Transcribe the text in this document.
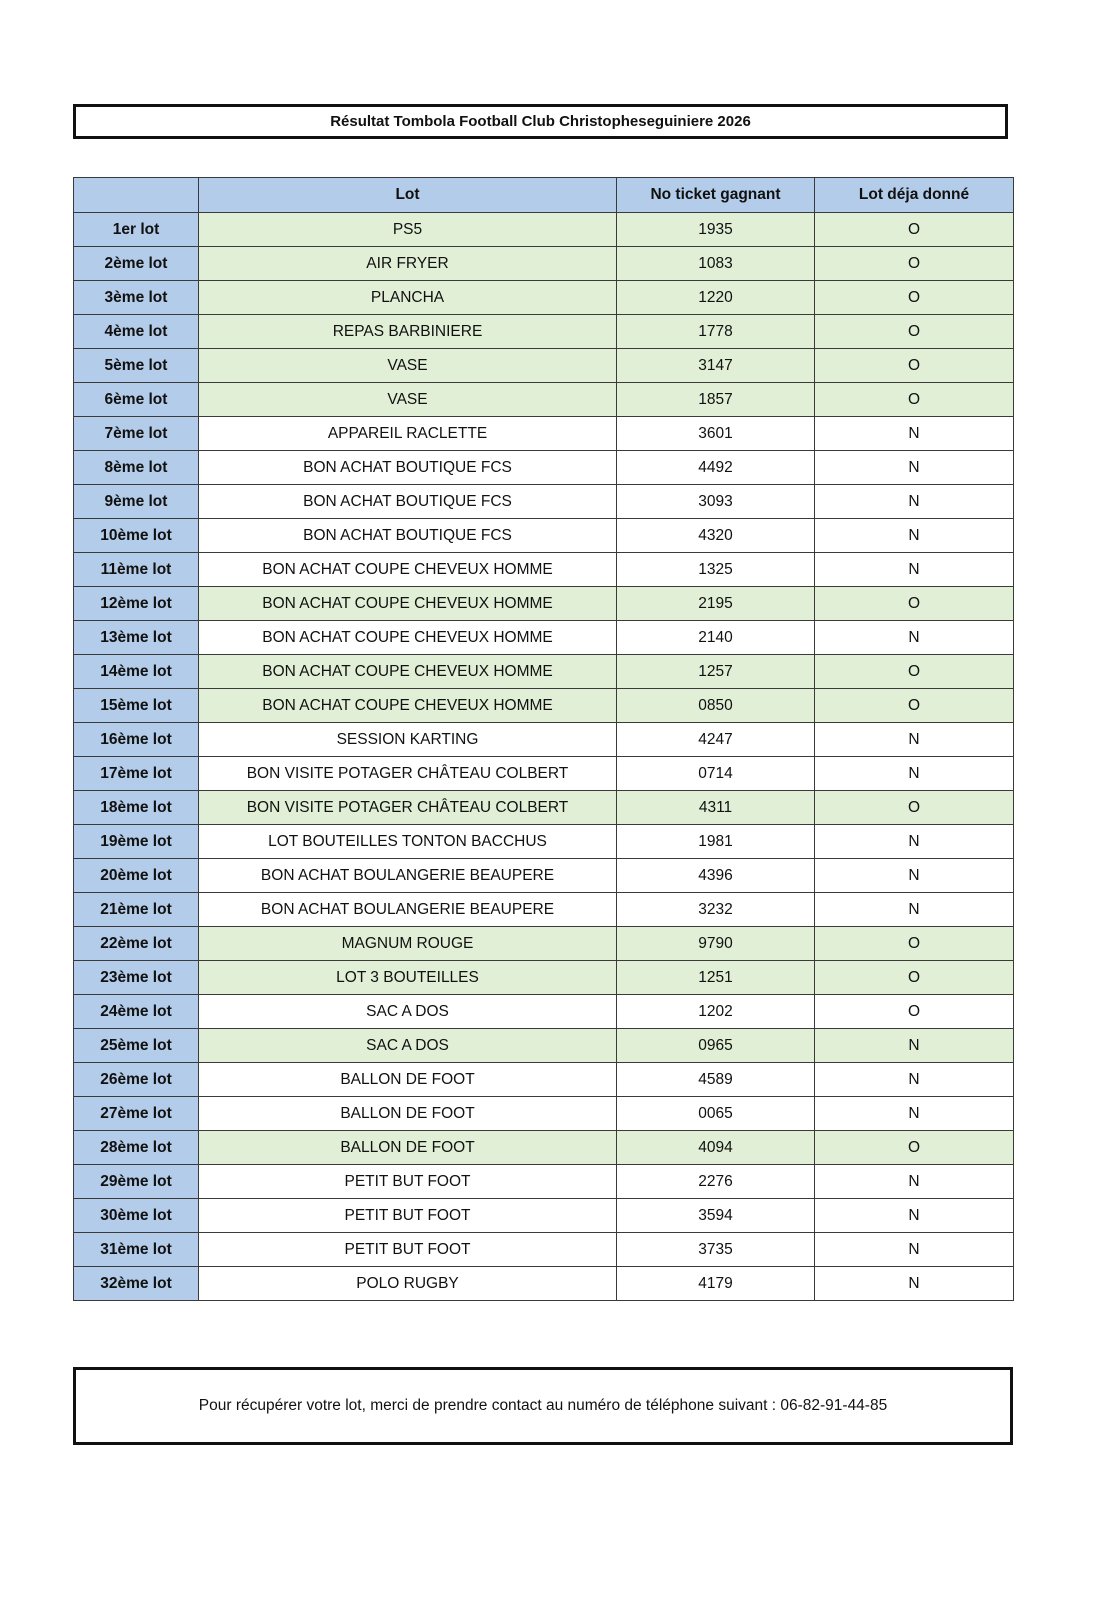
Résultat Tombola Football Club Christopheseguiniere 2026
	Lot	No ticket gagnant	Lot déja donné
1er lot	PS5	1935	O
2ème lot	AIR FRYER	1083	O
3ème lot	PLANCHA	1220	O
4ème lot	REPAS BARBINIERE	1778	O
5ème lot	VASE	3147	O
6ème lot	VASE	1857	O
7ème lot	APPAREIL RACLETTE	3601	N
8ème lot	BON ACHAT BOUTIQUE FCS	4492	N
9ème lot	BON ACHAT BOUTIQUE FCS	3093	N
10ème lot	BON ACHAT BOUTIQUE FCS	4320	N
11ème lot	BON ACHAT COUPE CHEVEUX HOMME	1325	N
12ème lot	BON ACHAT COUPE CHEVEUX HOMME	2195	O
13ème lot	BON ACHAT COUPE CHEVEUX HOMME	2140	N
14ème lot	BON ACHAT COUPE CHEVEUX HOMME	1257	O
15ème lot	BON ACHAT COUPE CHEVEUX HOMME	0850	O
16ème lot	SESSION KARTING	4247	N
17ème lot	BON VISITE POTAGER CHÂTEAU COLBERT	0714	N
18ème lot	BON VISITE POTAGER CHÂTEAU COLBERT	4311	O
19ème lot	LOT BOUTEILLES TONTON BACCHUS	1981	N
20ème lot	BON ACHAT BOULANGERIE BEAUPERE	4396	N
21ème lot	BON ACHAT BOULANGERIE BEAUPERE	3232	N
22ème lot	MAGNUM ROUGE	9790	O
23ème lot	LOT 3 BOUTEILLES	1251	O
24ème lot	SAC A DOS	1202	O
25ème lot	SAC A DOS	0965	N
26ème lot	BALLON DE FOOT	4589	N
27ème lot	BALLON DE FOOT	0065	N
28ème lot	BALLON DE FOOT	4094	O
29ème lot	PETIT BUT FOOT	2276	N
30ème lot	PETIT BUT FOOT	3594	N
31ème lot	PETIT BUT FOOT	3735	N
32ème lot	POLO RUGBY	4179	N
Pour récupérer votre lot, merci de prendre contact au numéro de téléphone suivant : 06-82-91-44-85
